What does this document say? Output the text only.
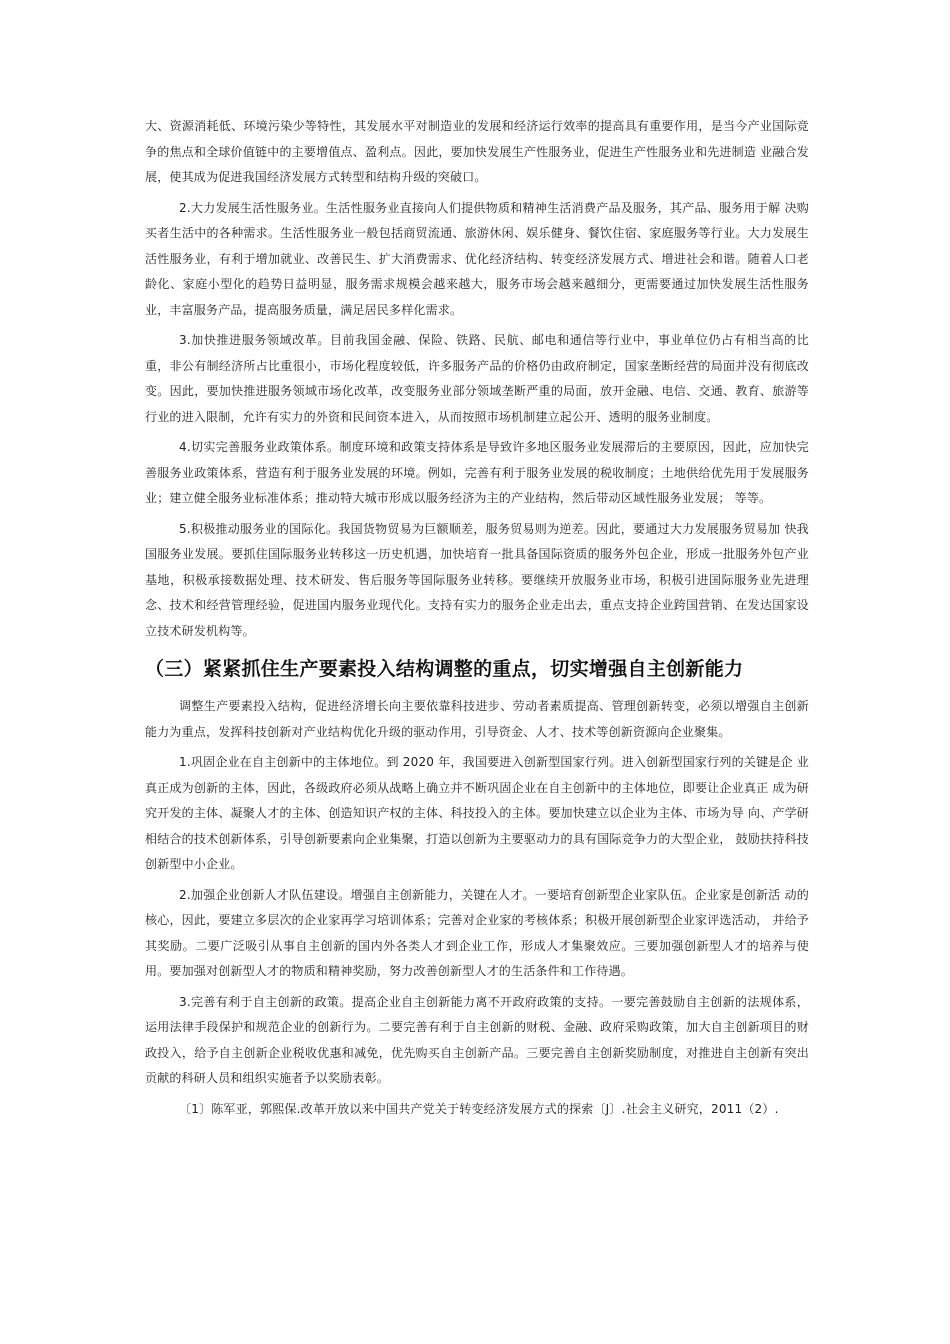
大、资源消耗低、环境污染少等特性，其发展水平对制造业的发展和经济运行效率的提高具有重要作用，是当今产业国际竞争的焦点和全球价值链中的主要增值点、盈利点。因此，要加快发展生产性服务业，促进生产性服务业和先进制造 业融合发展，使其成为促进我国经济发展方式转型和结构升级的突破口。

2.大力发展生活性服务业。生活性服务业直接向人们提供物质和精神生活消费产品及服务，其产品、服务用于解 决购买者生活中的各种需求。生活性服务业一般包括商贸流通、旅游休闲、娱乐健身、餐饮住宿、家庭服务等行业。大力发展生活性服务业，有利于增加就业、改善民生、扩大消费需求、优化经济结构、转变经济发展方式、增进社会和谐。随着人口老龄化、家庭小型化的趋势日益明显，服务需求规模会越来越大，服务市场会越来越细分，更需要通过加快发展生活性服务业，丰富服务产品，提高服务质量，满足居民多样化需求。

3.加快推进服务领域改革。目前我国金融、保险、铁路、民航、邮电和通信等行业中，事业单位仍占有相当高的比重，非公有制经济所占比重很小，市场化程度较低，许多服务产品的价格仍由政府制定，国家垄断经营的局面并没有彻底改变。因此，要加快推进服务领域市场化改革，改变服务业部分领域垄断严重的局面，放开金融、电信、交通、教育、旅游等行业的进入限制，允许有实力的外资和民间资本进入，从而按照市场机制建立起公开、透明的服务业制度。

4.切实完善服务业政策体系。制度环境和政策支持体系是导致许多地区服务业发展滞后的主要原因，因此，应加快完善服务业政策体系，营造有利于服务业发展的环境。例如，完善有利于服务业发展的税收制度；土地供给优先用于发展服务业；建立健全服务业标准体系；推动特大城市形成以服务经济为主的产业结构，然后带动区域性服务业发展； 等等。

5.积极推动服务业的国际化。我国货物贸易为巨额顺差，服务贸易则为逆差。因此，要通过大力发展服务贸易加 快我国服务业发展。要抓住国际服务业转移这一历史机遇，加快培育一批具备国际资质的服务外包企业，形成一批服务外包产业基地，积极承接数据处理、技术研发、售后服务等国际服务业转移。要继续开放服务业市场，积极引进国际服务业先进理念、技术和经营管理经验，促进国内服务业现代化。支持有实力的服务企业走出去，重点支持企业跨国营销、在发达国家设立技术研发机构等。

（三）紧紧抓住生产要素投入结构调整的重点，切实增强自主创新能力

调整生产要素投入结构，促进经济增长向主要依靠科技进步、劳动者素质提高、管理创新转变，必须以增强自主创新能力为重点，发挥科技创新对产业结构优化升级的驱动作用，引导资金、人才、技术等创新资源向企业聚集。

1.巩固企业在自主创新中的主体地位。到 2020 年，我国要进入创新型国家行列。进入创新型国家行列的关键是企 业真正成为创新的主体，因此，各级政府必须从战略上确立并不断巩固企业在自主创新中的主体地位，即要让企业真正 成为研究开发的主体、凝聚人才的主体、创造知识产权的主体、科技投入的主体。要加快建立以企业为主体、市场为导 向、产学研相结合的技术创新体系，引导创新要素向企业集聚，打造以创新为主要驱动力的具有国际竞争力的大型企业， 鼓励扶持科技创新型中小企业。

2.加强企业创新人才队伍建设。增强自主创新能力，关键在人才。一要培育创新型企业家队伍。企业家是创新活 动的核心，因此，要建立多层次的企业家再学习培训体系；完善对企业家的考核体系；积极开展创新型企业家评选活动， 并给予其奖励。二要广泛吸引从事自主创新的国内外各类人才到企业工作，形成人才集聚效应。三要加强创新型人才的培养与使用。要加强对创新型人才的物质和精神奖励，努力改善创新型人才的生活条件和工作待遇。

3.完善有利于自主创新的政策。提高企业自主创新能力离不开政府政策的支持。一要完善鼓励自主创新的法规体系，运用法律手段保护和规范企业的创新行为。二要完善有利于自主创新的财税、金融、政府采购政策，加大自主创新项目的财政投入，给予自主创新企业税收优惠和减免，优先购买自主创新产品。三要完善自主创新奖励制度，对推进自主创新有突出贡献的科研人员和组织实施者予以奖励表彰。

〔1〕陈军亚，郭熙保.改革开放以来中国共产党关于转变经济发展方式的探索〔J〕.社会主义研究，2011（2）.
